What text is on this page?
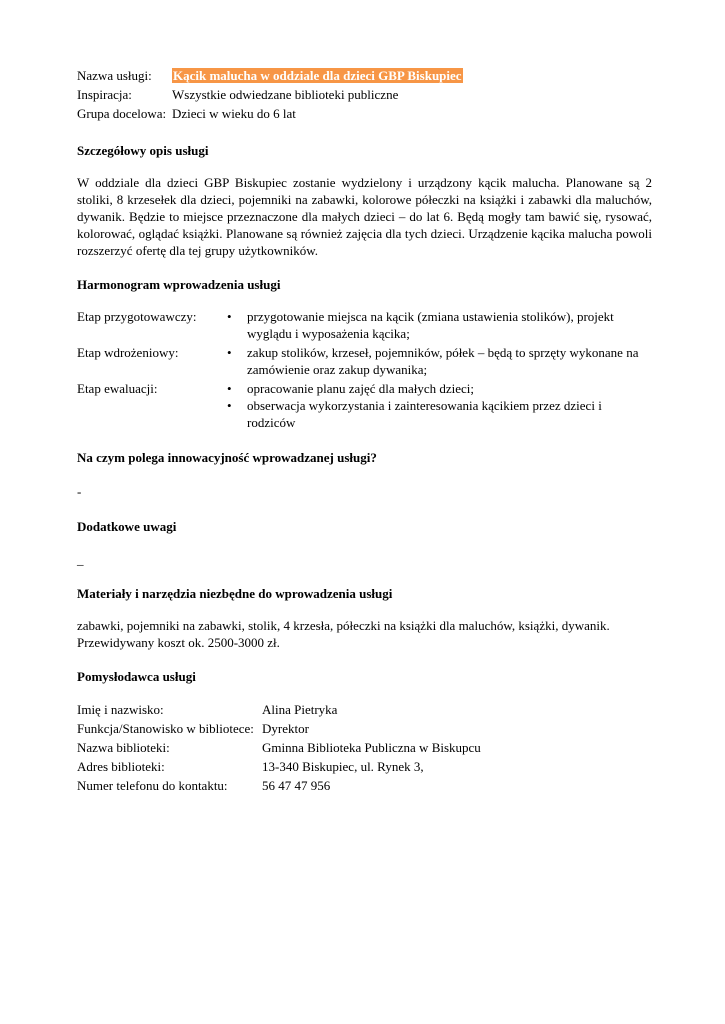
Nazwa usługi:	Kącik malucha w oddziale dla dzieci GBP Biskupiec
Inspiracja:	Wszystkie odwiedzane biblioteki publiczne
Grupa docelowa: Dzieci w wieku do 6 lat
Szczegółowy opis usługi

W oddziale dla dzieci GBP Biskupiec zostanie wydzielony i urządzony kącik malucha. Planowane są 2 stoliki, 8 krzesełek dla dzieci, pojemniki na zabawki, kolorowe półeczki na książki i zabawki dla maluchów, dywanik. Będzie to miejsce przeznaczone dla małych dzieci – do lat 6. Będą mogły tam bawić się, rysować, kolorować, oglądać książki. Planowane są również zajęcia dla tych dzieci. Urządzenie kącika malucha powoli rozszerzyć ofertę dla tej grupy użytkowników.

Harmonogram wprowadzenia usługi
Etap przygotowawczy:	•	przygotowanie miejsca na kącik (zmiana ustawienia stolików), projekt wyglądu i wyposażenia kącika;
Etap wdrożeniowy:	•	zakup stolików, krzeseł, pojemników, półek – będą to sprzęty wykonane na zamówienie oraz zakup dywanika;
Etap ewaluacji:	•	opracowanie planu zajęć dla małych dzieci;
•	obserwacja wykorzystania i zainteresowania kącikiem przez dzieci i rodziców
Na czym polega innowacyjność wprowadzanej usługi?

-

Dodatkowe uwagi

_

Materiały i narzędzia niezbędne do wprowadzenia usługi

zabawki, pojemniki na zabawki, stolik, 4 krzesła, półeczki na książki dla maluchów, książki, dywanik. Przewidywany koszt ok. 2500-3000 zł.

Pomysłodawca usługi
Imię i nazwisko:	Alina Pietryka
Funkcja/Stanowisko w bibliotece: Dyrektor
Nazwa biblioteki:	Gminna Biblioteka Publiczna w Biskupcu
Adres biblioteki:	13-340 Biskupiec, ul. Rynek 3,
Numer telefonu do kontaktu:	56 47 47 956
